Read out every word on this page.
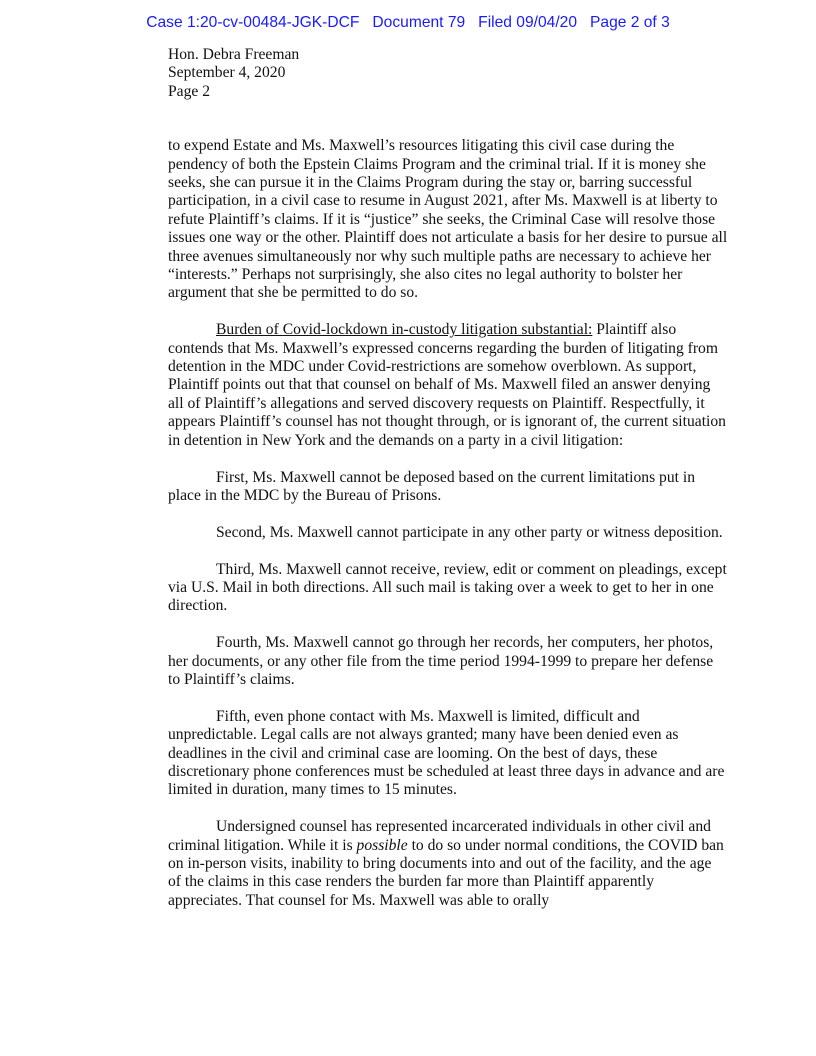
Case 1:20-cv-00484-JGK-DCF   Document 79   Filed 09/04/20   Page 2 of 3
Hon. Debra Freeman
September 4, 2020
Page 2

to expend Estate and Ms. Maxwell’s resources litigating this civil case during the pendency of both the Epstein Claims Program and the criminal trial. If it is money she seeks, she can pursue it in the Claims Program during the stay or, barring successful participation, in a civil case to resume in August 2021, after Ms. Maxwell is at liberty to refute Plaintiff’s claims. If it is “justice” she seeks, the Criminal Case will resolve those issues one way or the other. Plaintiff does not articulate a basis for her desire to pursue all three avenues simultaneously nor why such multiple paths are necessary to achieve her “interests.” Perhaps not surprisingly, she also cites no legal authority to bolster her argument that she be permitted to do so.

Burden of Covid-lockdown in-custody litigation substantial: Plaintiff also contends that Ms. Maxwell’s expressed concerns regarding the burden of litigating from detention in the MDC under Covid-restrictions are somehow overblown. As support, Plaintiff points out that that counsel on behalf of Ms. Maxwell filed an answer denying all of Plaintiff’s allegations and served discovery requests on Plaintiff. Respectfully, it appears Plaintiff’s counsel has not thought through, or is ignorant of, the current situation in detention in New York and the demands on a party in a civil litigation:

First, Ms. Maxwell cannot be deposed based on the current limitations put in place in the MDC by the Bureau of Prisons.

Second, Ms. Maxwell cannot participate in any other party or witness deposition.

Third, Ms. Maxwell cannot receive, review, edit or comment on pleadings, except via U.S. Mail in both directions. All such mail is taking over a week to get to her in one direction.

Fourth, Ms. Maxwell cannot go through her records, her computers, her photos, her documents, or any other file from the time period 1994-1999 to prepare her defense to Plaintiff’s claims.

Fifth, even phone contact with Ms. Maxwell is limited, difficult and unpredictable. Legal calls are not always granted; many have been denied even as deadlines in the civil and criminal case are looming. On the best of days, these discretionary phone conferences must be scheduled at least three days in advance and are limited in duration, many times to 15 minutes.

Undersigned counsel has represented incarcerated individuals in other civil and criminal litigation. While it is possible to do so under normal conditions, the COVID ban on in-person visits, inability to bring documents into and out of the facility, and the age of the claims in this case renders the burden far more than Plaintiff apparently appreciates. That counsel for Ms. Maxwell was able to orally
